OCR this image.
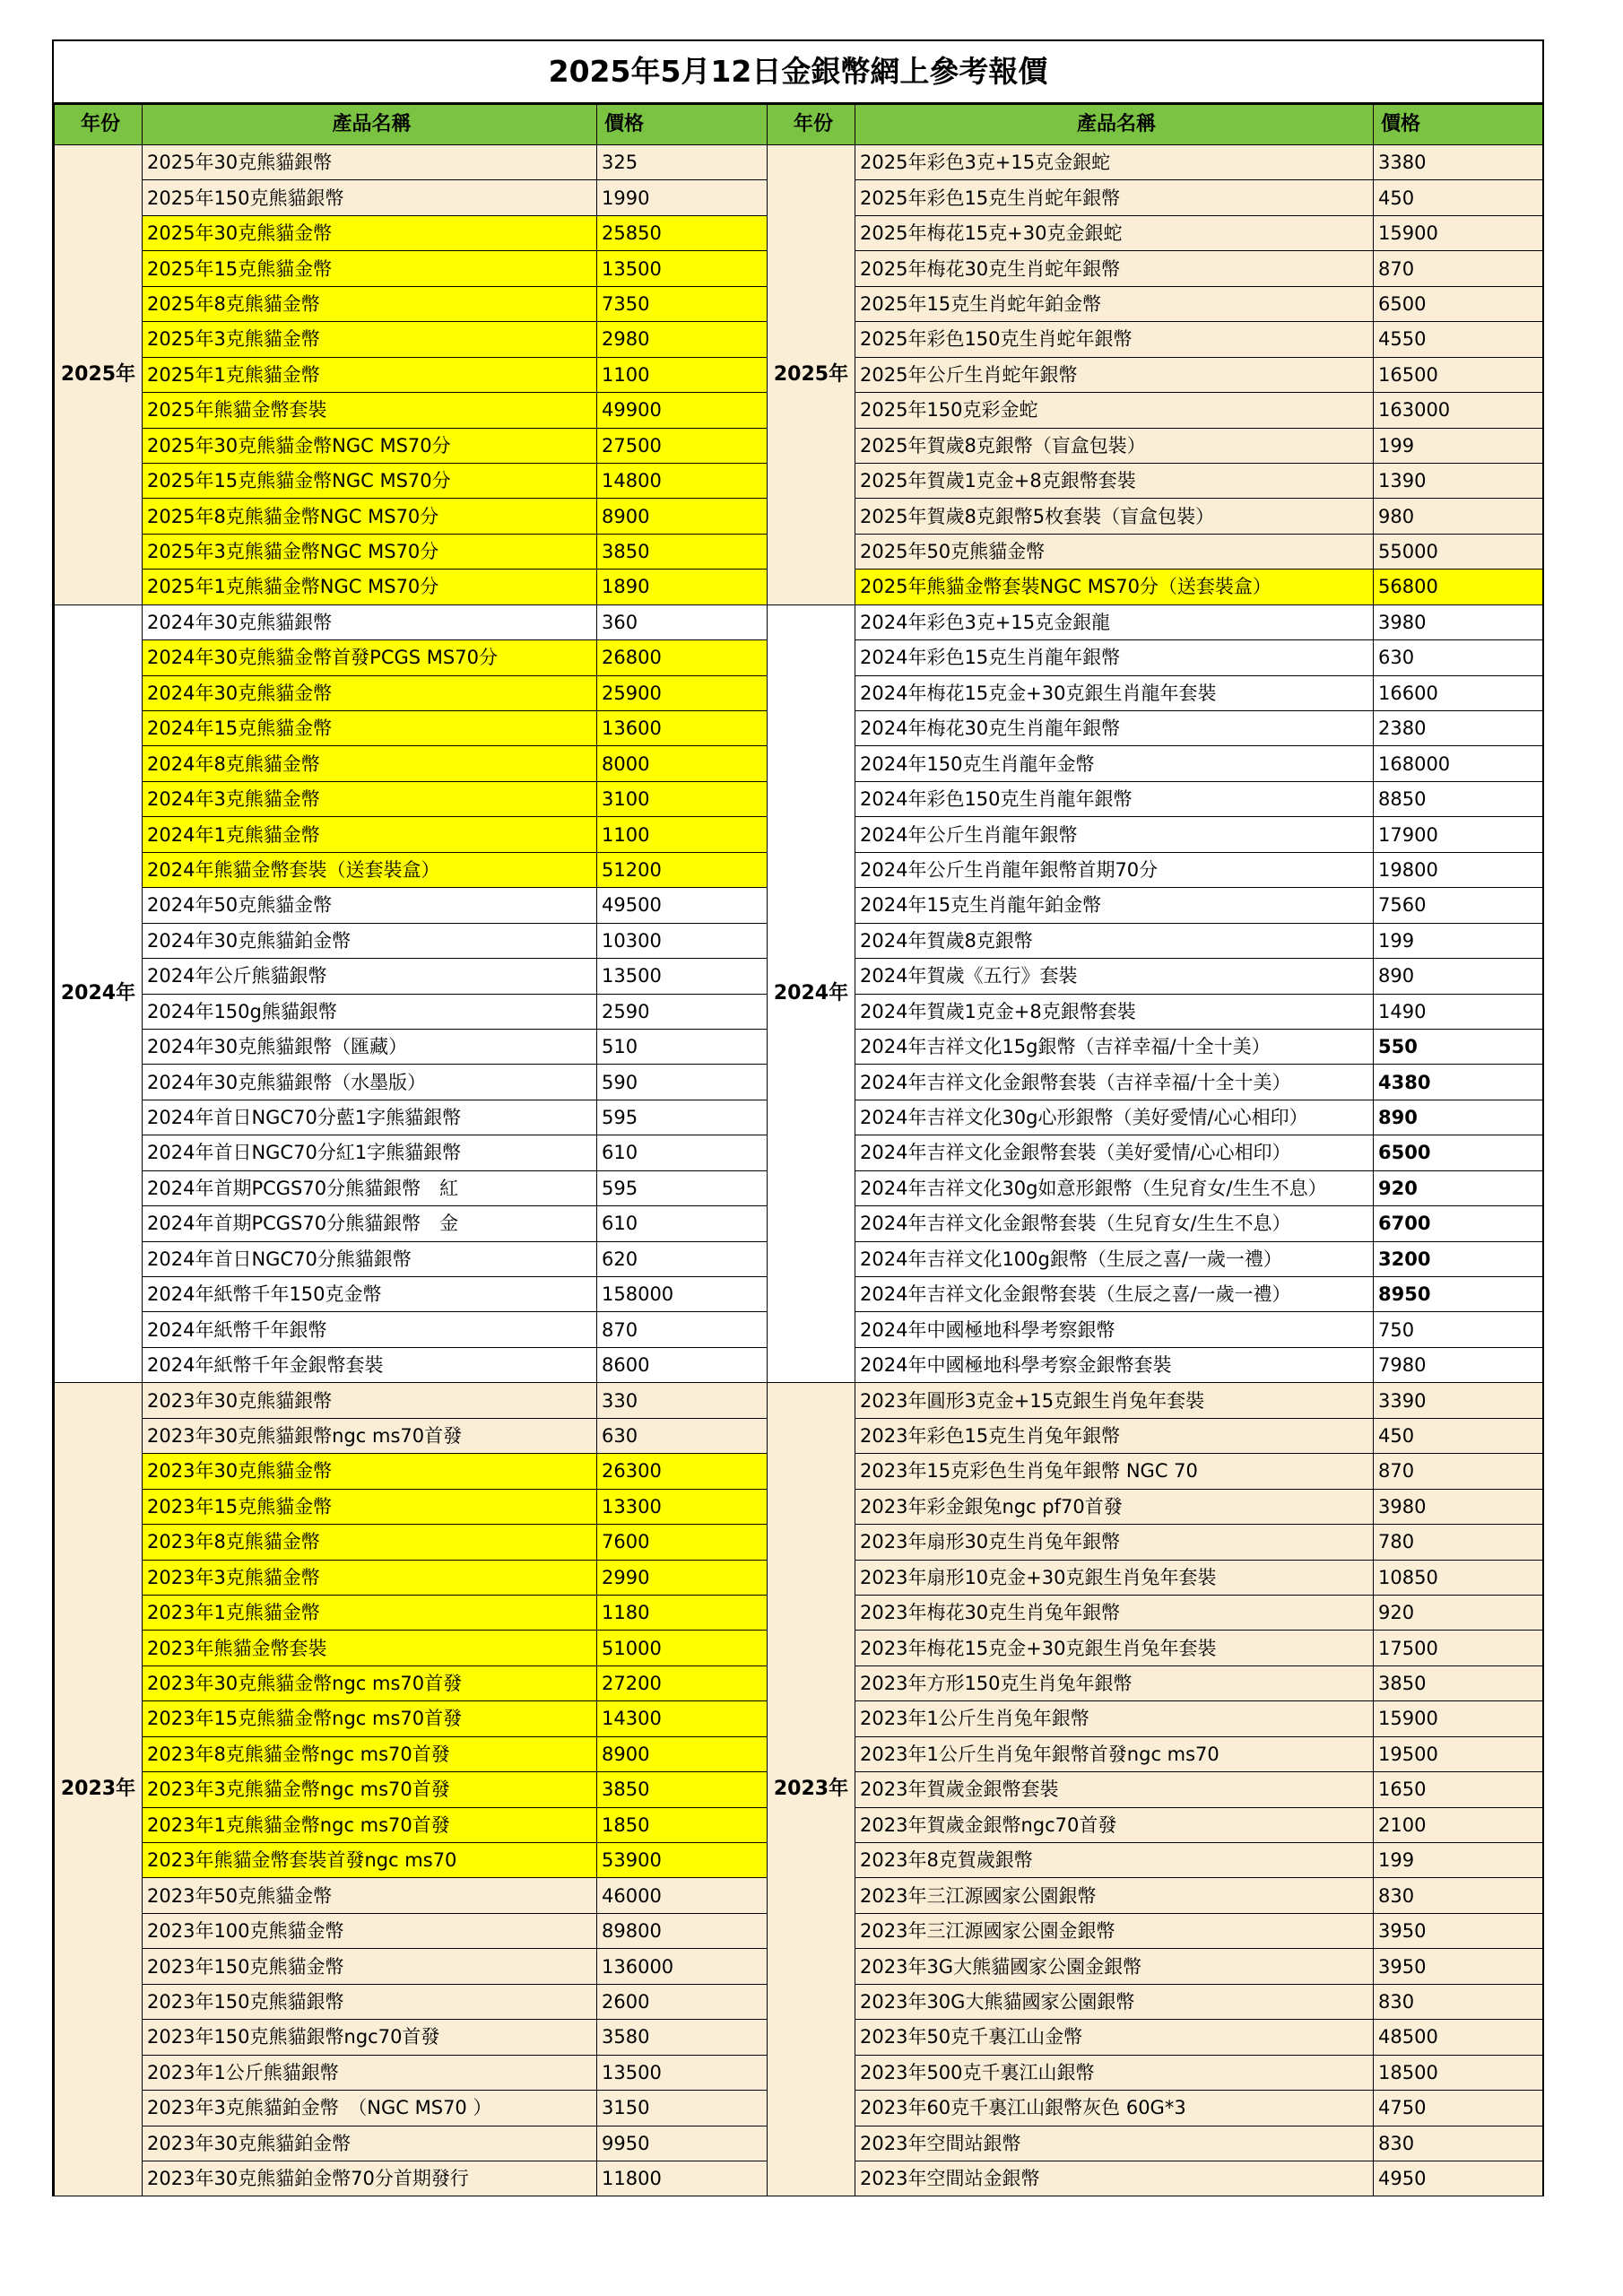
2025年5月12日金銀幣網上參考報價
年份	產品名稱	價格	年份	產品名稱	價格
2025年	2025年30克熊貓銀幣	325	2025年	2025年彩色3克+15克金銀蛇	3380
	2025年150克熊貓銀幣	1990		2025年彩色15克生肖蛇年銀幣	450
	2025年30克熊貓金幣	25850		2025年梅花15克+30克金銀蛇	15900
	2025年15克熊貓金幣	13500		2025年梅花30克生肖蛇年銀幣	870
	2025年8克熊貓金幣	7350		2025年15克生肖蛇年鉑金幣	6500
	2025年3克熊貓金幣	2980		2025年彩色150克生肖蛇年銀幣	4550
	2025年1克熊貓金幣	1100		2025年公斤生肖蛇年銀幣	16500
	2025年熊貓金幣套裝	49900		2025年150克彩金蛇	163000
	2025年30克熊貓金幣NGC MS70分	27500		2025年賀歲8克銀幣（盲盒包裝）	199
	2025年15克熊貓金幣NGC MS70分	14800		2025年賀歲1克金+8克銀幣套裝	1390
	2025年8克熊貓金幣NGC MS70分	8900		2025年賀歲8克銀幣5枚套裝（盲盒包裝）	980
	2025年3克熊貓金幣NGC MS70分	3850		2025年50克熊貓金幣	55000
	2025年1克熊貓金幣NGC MS70分	1890		2025年熊貓金幣套裝NGC MS70分（送套裝盒）	56800
2024年	2024年30克熊貓銀幣	360	2024年	2024年彩色3克+15克金銀龍	3980
	2024年30克熊貓金幣首發PCGS MS70分	26800		2024年彩色15克生肖龍年銀幣	630
	2024年30克熊貓金幣	25900		2024年梅花15克金+30克銀生肖龍年套裝	16600
	2024年15克熊貓金幣	13600		2024年梅花30克生肖龍年銀幣	2380
	2024年8克熊貓金幣	8000		2024年150克生肖龍年金幣	168000
	2024年3克熊貓金幣	3100		2024年彩色150克生肖龍年銀幣	8850
	2024年1克熊貓金幣	1100		2024年公斤生肖龍年銀幣	17900
	2024年熊貓金幣套裝（送套裝盒）	51200		2024年公斤生肖龍年銀幣首期70分	19800
	2024年50克熊貓金幣	49500		2024年15克生肖龍年鉑金幣	7560
	2024年30克熊貓鉑金幣	10300		2024年賀歲8克銀幣	199
	2024年公斤熊貓銀幣	13500		2024年賀歲《五行》套裝	890
	2024年150g熊貓銀幣	2590		2024年賀歲1克金+8克銀幣套裝	1490
	2024年30克熊貓銀幣（匯藏）	510		2024年吉祥文化15g銀幣（吉祥幸福/十全十美）	550
	2024年30克熊貓銀幣（水墨版）	590		2024年吉祥文化金銀幣套裝（吉祥幸福/十全十美）	4380
	2024年首日NGC70分藍1字熊貓銀幣	595		2024年吉祥文化30g心形銀幣（美好愛情/心心相印）	890
	2024年首日NGC70分紅1字熊貓銀幣	610		2024年吉祥文化金銀幣套裝（美好愛情/心心相印）	6500
	2024年首期PCGS70分熊貓銀幣　紅	595		2024年吉祥文化30g如意形銀幣（生兒育女/生生不息）	920
	2024年首期PCGS70分熊貓銀幣　金	610		2024年吉祥文化金銀幣套裝（生兒育女/生生不息）	6700
	2024年首日NGC70分熊貓銀幣	620		2024年吉祥文化100g銀幣（生辰之喜/一歲一禮）	3200
	2024年紙幣千年150克金幣	158000		2024年吉祥文化金銀幣套裝（生辰之喜/一歲一禮）	8950
	2024年紙幣千年銀幣	870		2024年中國極地科學考察銀幣	750
	2024年紙幣千年金銀幣套裝	8600		2024年中國極地科學考察金銀幣套裝	7980
2023年	2023年30克熊貓銀幣	330	2023年	2023年圓形3克金+15克銀生肖兔年套裝	3390
	2023年30克熊貓銀幣ngc ms70首發	630		2023年彩色15克生肖兔年銀幣	450
	2023年30克熊貓金幣	26300		2023年15克彩色生肖兔年銀幣 NGC 70	870
	2023年15克熊貓金幣	13300		2023年彩金銀兔ngc pf70首發	3980
	2023年8克熊貓金幣	7600		2023年扇形30克生肖兔年銀幣	780
	2023年3克熊貓金幣	2990		2023年扇形10克金+30克銀生肖兔年套裝	10850
	2023年1克熊貓金幣	1180		2023年梅花30克生肖兔年銀幣	920
	2023年熊貓金幣套裝	51000		2023年梅花15克金+30克銀生肖兔年套裝	17500
	2023年30克熊貓金幣ngc ms70首發	27200		2023年方形150克生肖兔年銀幣	3850
	2023年15克熊貓金幣ngc ms70首發	14300		2023年1公斤生肖兔年銀幣	15900
	2023年8克熊貓金幣ngc ms70首發	8900		2023年1公斤生肖兔年銀幣首發ngc ms70	19500
	2023年3克熊貓金幣ngc ms70首發	3850		2023年賀歲金銀幣套裝	1650
	2023年1克熊貓金幣ngc ms70首發	1850		2023年賀歲金銀幣ngc70首發	2100
	2023年熊貓金幣套裝首發ngc ms70	53900		2023年8克賀歲銀幣	199
	2023年50克熊貓金幣	46000		2023年三江源國家公園銀幣	830
	2023年100克熊貓金幣	89800		2023年三江源國家公園金銀幣	3950
	2023年150克熊貓金幣	136000		2023年3G大熊貓國家公園金銀幣	3950
	2023年150克熊貓銀幣	2600		2023年30G大熊貓國家公園銀幣	830
	2023年150克熊貓銀幣ngc70首發	3580		2023年50克千裏江山金幣	48500
	2023年1公斤熊貓銀幣	13500		2023年500克千裏江山銀幣	18500
	2023年3克熊貓鉑金幣　（NGC MS70 ）	3150		2023年60克千裏江山銀幣灰色 60G*3	4750
	2023年30克熊貓鉑金幣	9950		2023年空間站銀幣	830
	2023年30克熊貓鉑金幣70分首期發行	11800		2023年空間站金銀幣	4950
